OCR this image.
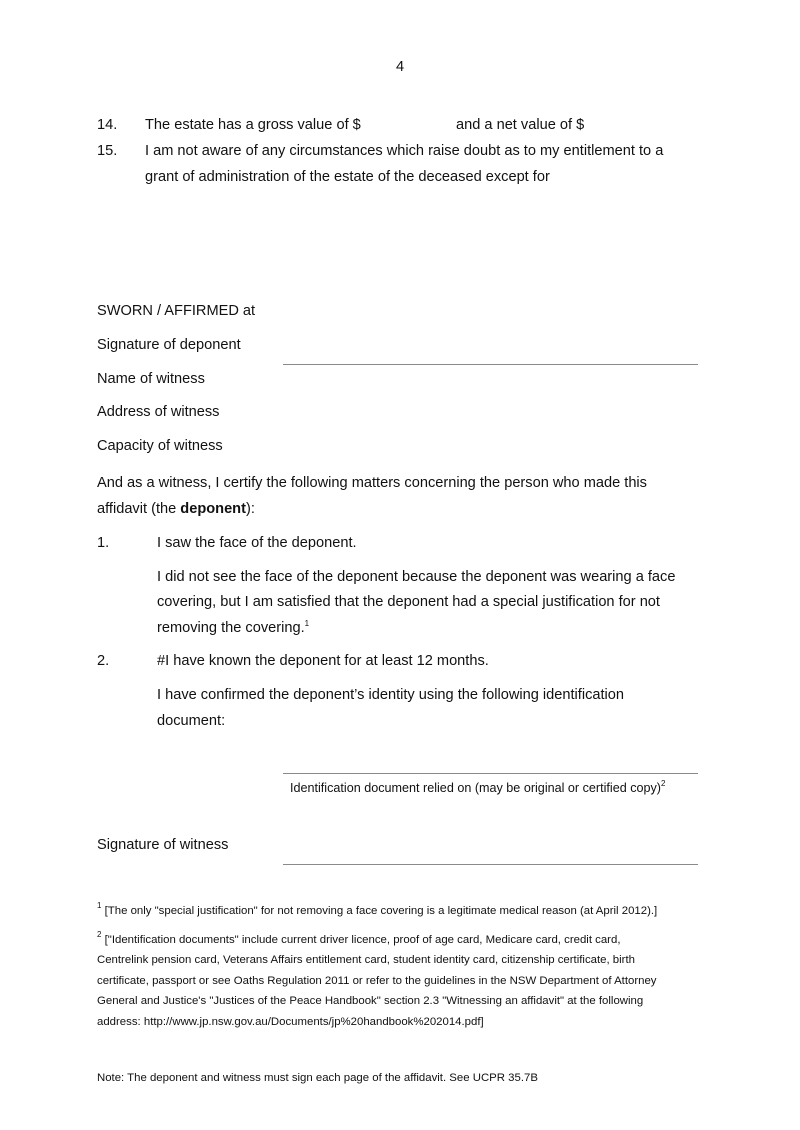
4
14. The estate has a gross value of $	and a net value of $
15. I am not aware of any circumstances which raise doubt as to my entitlement to a
grant of administration of the estate of the deceased except for
SWORN / AFFIRMED at
Signature of deponent
Name of witness
Address of witness
Capacity of witness
And as a witness, I certify the following matters concerning the person who made this
affidavit (the deponent):
1.	I saw the face of the deponent.
I did not see the face of the deponent because the deponent was wearing a face
covering, but I am satisfied that the deponent had a special justification for not
removing the covering.$^1$
2.	#I have known the deponent for at least 12 months.
I have confirmed the deponent’s identity using the following identification
document:
Identification document relied on (may be original or certified copy)$^2$
Signature of witness
$^1$ [The only "special justification" for not removing a face covering is a legitimate medical reason (at April 2012).]
$^2$ ["Identification documents" include current driver licence, proof of age card, Medicare card, credit card,
Centrelink pension card, Veterans Affairs entitlement card, student identity card, citizenship certificate, birth
certificate, passport or see Oaths Regulation 2011 or refer to the guidelines in the NSW Department of Attorney
General and Justice's "Justices of the Peace Handbook" section 2.3 "Witnessing an affidavit" at the following
address: http://www.jp.nsw.gov.au/Documents/jp%20handbook%202014.pdf]
Note: The deponent and witness must sign each page of the affidavit. See UCPR 35.7B
